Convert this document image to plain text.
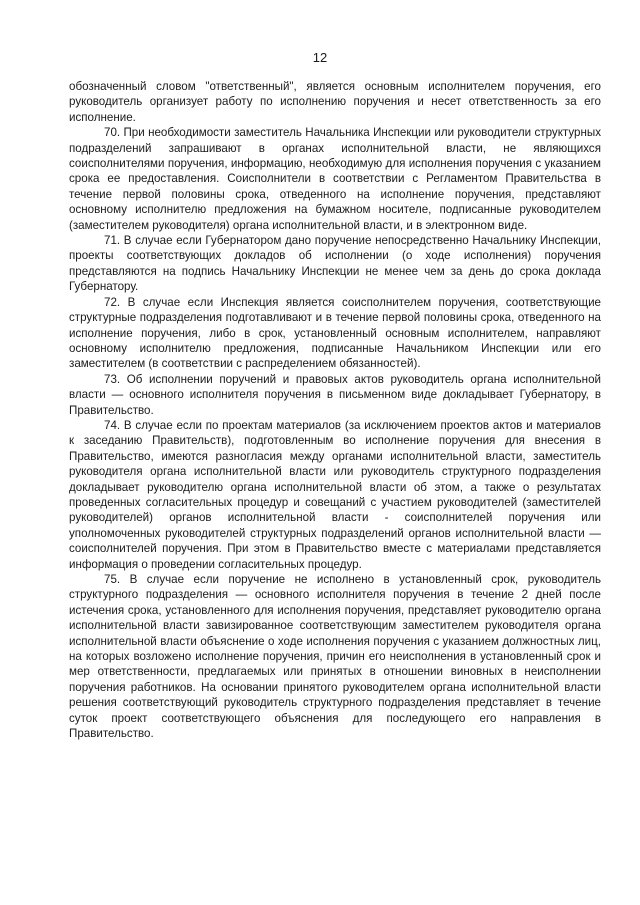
12

обозначенный словом "ответственный", является основным исполнителем поручения, его руководитель организует работу по исполнению поручения и несет ответственность за его исполнение.

70. При необходимости заместитель Начальника Инспекции или руководители структурных подразделений запрашивают в органах исполнительной власти, не являющихся соисполнителями поручения, информацию, необходимую для исполнения поручения с указанием срока ее предоставления. Соисполнители в соответствии с Регламентом Правительства в течение первой половины срока, отведенного на исполнение поручения, представляют основному исполнителю предложения на бумажном носителе, подписанные руководителем (заместителем руководителя) органа исполнительной власти, и в электронном виде.

71. В случае если Губернатором дано поручение непосредственно Начальнику Инспекции, проекты соответствующих докладов об исполнении (о ходе исполнения) поручения представляются на подпись Начальнику Инспекции не менее чем за день до срока доклада Губернатору.

72. В случае если Инспекция является соисполнителем поручения, соответствующие структурные подразделения подготавливают и в течение первой половины срока, отведенного на исполнение поручения, либо в срок, установленный основным исполнителем, направляют основному исполнителю предложения, подписанные Начальником Инспекции или его заместителем (в соответствии с распределением обязанностей).

73. Об исполнении поручений и правовых актов руководитель органа исполнительной власти — основного исполнителя поручения в письменном виде докладывает Губернатору, в Правительство.

74. В случае если по проектам материалов (за исключением проектов актов и материалов к заседанию Правительств), подготовленным во исполнение поручения для внесения в Правительство, имеются разногласия между органами исполнительной власти, заместитель руководителя органа исполнительной власти или руководитель структурного подразделения докладывает руководителю органа исполнительной власти об этом, а также о результатах проведенных согласительных процедур и совещаний с участием руководителей (заместителей руководителей) органов исполнительной власти - соисполнителей поручения или уполномоченных руководителей структурных подразделений органов исполнительной власти — соисполнителей поручения. При этом в Правительство вместе с материалами представляется информация о проведении согласительных процедур.

75. В случае если поручение не исполнено в установленный срок, руководитель структурного подразделения — основного исполнителя поручения в течение 2 дней после истечения срока, установленного для исполнения поручения, представляет руководителю органа исполнительной власти завизированное соответствующим заместителем руководителя органа исполнительной власти объяснение о ходе исполнения поручения с указанием должностных лиц, на которых возложено исполнение поручения, причин его неисполнения в установленный срок и мер ответственности, предлагаемых или принятых в отношении виновных в неисполнении поручения работников. На основании принятого руководителем органа исполнительной власти решения соответствующий руководитель структурного подразделения представляет в течение суток проект соответствующего объяснения для последующего его направления в Правительство.
